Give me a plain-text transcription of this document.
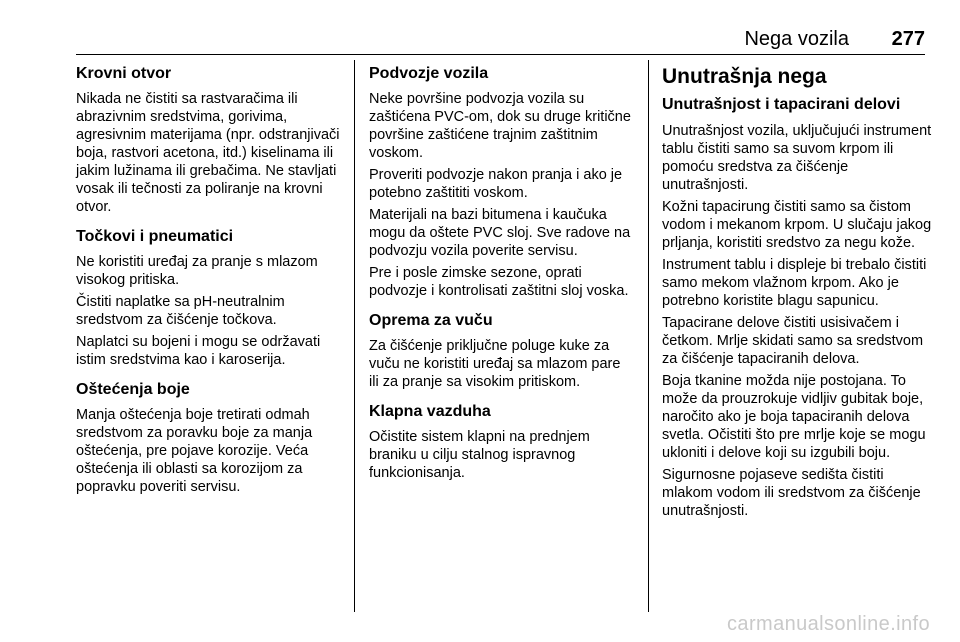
Nega vozila 277
Krovni otvor

Nikada ne čistiti sa rastvaračima ili abrazivnim sredstvima, gorivima, agresivnim materijama (npr. odstranjivači boja, rastvori acetona, itd.) kiselinama ili jakim lužinama ili grebačima. Ne stavljati vosak ili tečnosti za poliranje na krovni otvor.

Točkovi i pneumatici

Ne koristiti uređaj za pranje s mlazom visokog pritiska.

Čistiti naplatke sa pH-neutralnim sredstvom za čišćenje točkova.

Naplatci su bojeni i mogu se održavati istim sredstvima kao i karoserija.

Oštećenja boje

Manja oštećenja boje tretirati odmah sredstvom za poravku boje za manja oštećenja, pre pojave korozije. Veća oštećenja ili oblasti sa korozijom za popravku poveriti servisu.

Podvozje vozila

Neke površine podvozja vozila su zaštićena PVC-om, dok su druge kritične površine zaštićene trajnim zaštitnim voskom.

Proveriti podvozje nakon pranja i ako je potebno zaštititi voskom.

Materijali na bazi bitumena i kaučuka mogu da oštete PVC sloj. Sve radove na podvozju vozila poverite servisu.

Pre i posle zimske sezone, oprati podvozje i kontrolisati zaštitni sloj voska.

Oprema za vuču

Za čišćenje priključne poluge kuke za vuču ne koristiti uređaj sa mlazom pare ili za pranje sa visokim pritiskom.

Klapna vazduha

Očistite sistem klapni na prednjem braniku u cilju stalnog ispravnog funkcionisanja.

Unutrašnja nega
Unutrašnjost i tapacirani delovi

Unutrašnjost vozila, uključujući instrument tablu čistiti samo sa suvom krpom ili pomoću sredstva za čišćenje unutrašnjosti.

Kožni tapacirung čistiti samo sa čistom vodom i mekanom krpom. U slučaju jakog prljanja, koristiti sredstvo za negu kože.

Instrument tablu i displeje bi trebalo čistiti samo mekom vlažnom krpom. Ako je potrebno koristite blagu sapunicu.

Tapacirane delove čistiti usisivačem i četkom. Mrlje skidati samo sa sredstvom za čišćenje tapaciranih delova.

Boja tkanine možda nije postojana. To može da prouzrokuje vidljiv gubitak boje, naročito ako je boja tapaciranih delova svetla. Očistiti što pre mrlje koje se mogu ukloniti i delove koji su izgubili boju.

Sigurnosne pojaseve sedišta čistiti mlakom vodom ili sredstvom za čišćenje unutrašnjosti.

carmanualsonline.info
